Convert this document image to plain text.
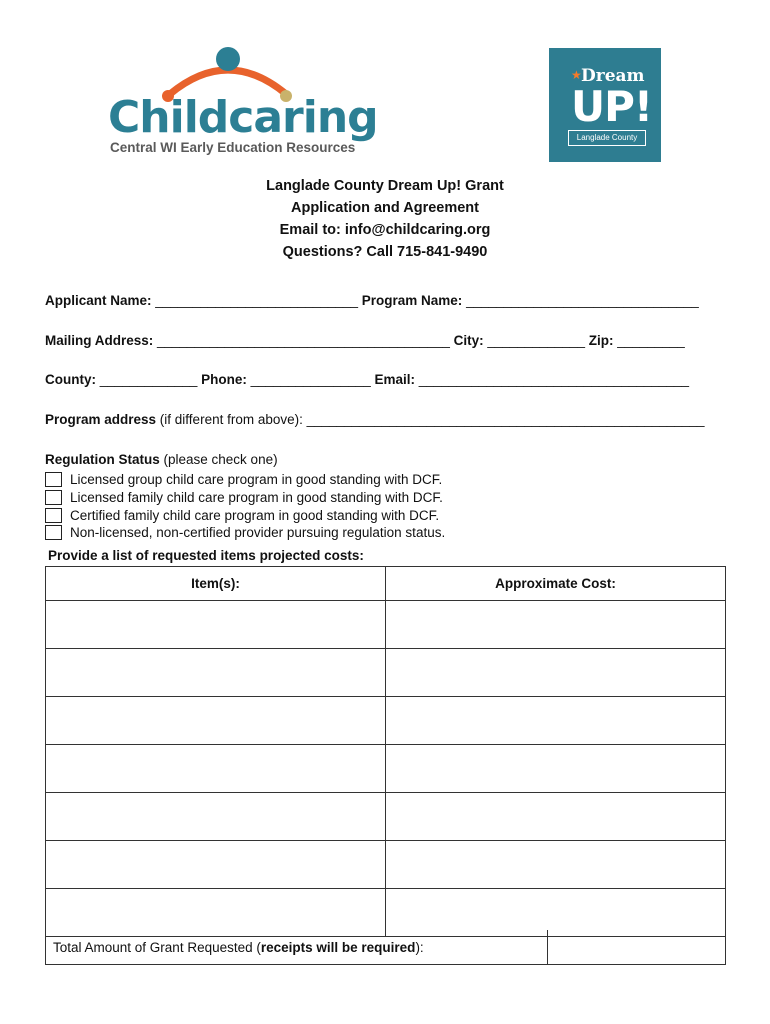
Childcaring
Central WI Early Education Resources
★ Dream
UP!
Langlade County
Langlade County Dream Up! Grant
Application and Agreement
Email to: info@childcaring.org
Questions? Call 715-841-9490
Applicant Name: ___________________________ Program Name: _______________________________
Mailing Address: _______________________________________ City: _____________ Zip: _________
County: _____________ Phone: ________________ Email: ____________________________________
Program address (if different from above): _____________________________________________________
Regulation Status (please check one)
Licensed group child care program in good standing with DCF.
Licensed family child care program in good standing with DCF.
Certified family child care program in good standing with DCF.
Non-licensed, non-certified provider pursuing regulation status.
Provide a list of requested items projected costs:
Item(s):	Approximate Cost:

Total Amount of Grant Requested (receipts will be required):
